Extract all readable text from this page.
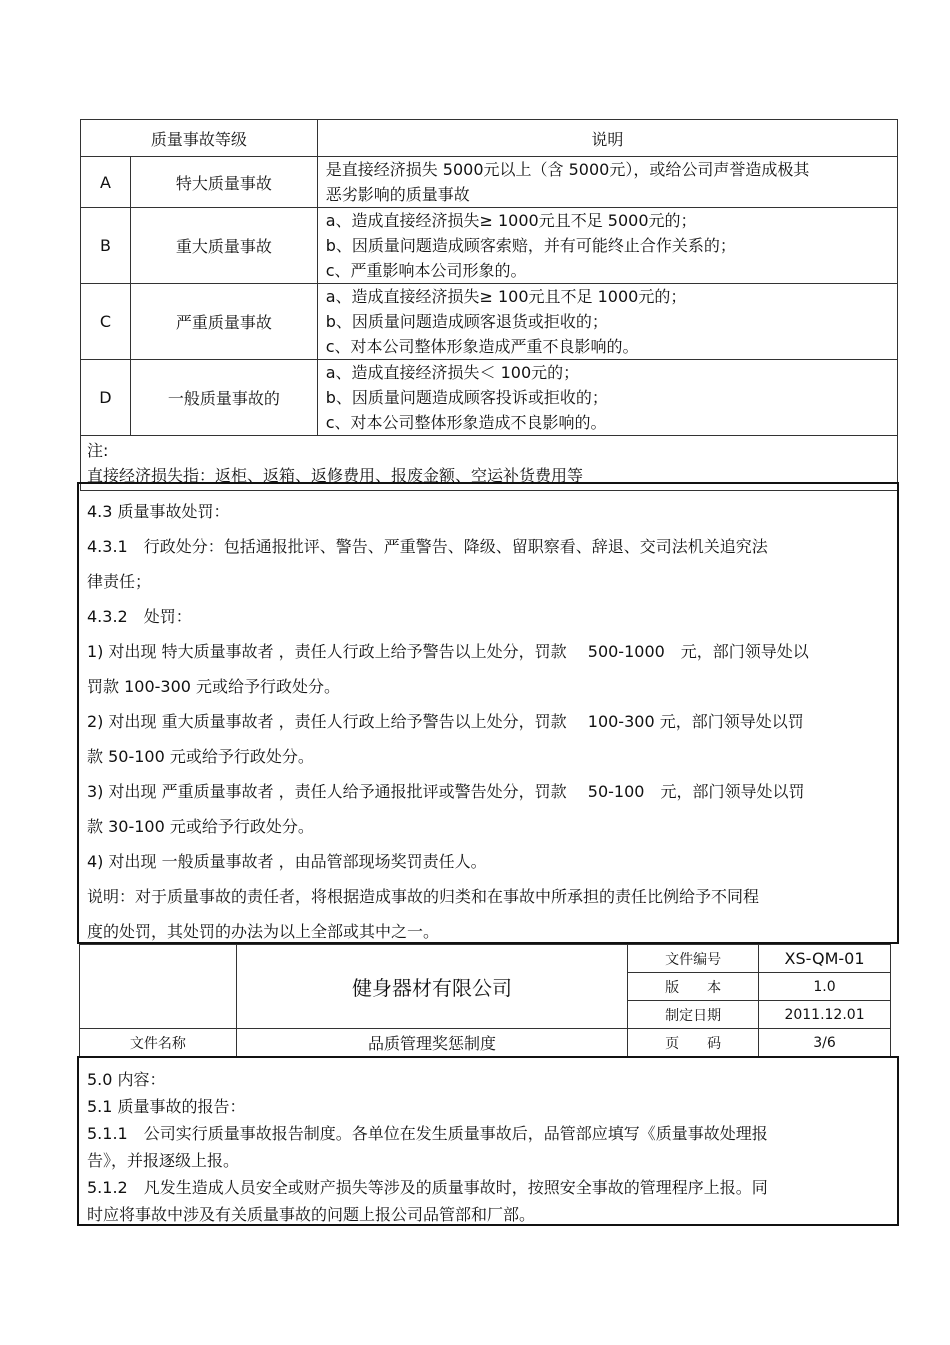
质量事故等级		说明
A	特大质量事故	是直接经济损失 5000元以上（含 5000元），或给公司声誉造成极其
恶劣影响的质量事故

B	重大质量事故	a、造成直接经济损失≥ 1000元且不足 5000元的；
b、因质量问题造成顾客索赔，并有可能终止合作关系的；
c、严重影响本公司形象的。

C	严重质量事故	a、造成直接经济损失≥ 100元且不足 1000元的；
b、因质量问题造成顾客退货或拒收的；
c、对本公司整体形象造成严重不良影响的。

D	一般质量事故的	a、造成直接经济损失＜ 100元的；
b、因质量问题造成顾客投诉或拒收的；
c、对本公司整体形象造成不良影响的。

注:
直接经济损失指：返柜、返箱、返修费用、报废金额、空运补货费用等		

4.3 质量事故处罚：

4.3.1　行政处分：包括通报批评、警告、严重警告、降级、留职察看、辞退、交司法机关追究法

律责任；

4.3.2　处罚：

1) 对出现 特大质量事故者 ，责任人行政上给予警告以上处分，罚款　 500-1000　元，部门领导处以

罚款 100-300 元或给予行政处分。

2) 对出现 重大质量事故者 ，责任人行政上给予警告以上处分，罚款　 100-300 元，部门领导处以罚

款 50-100 元或给予行政处分。

3) 对出现 严重质量事故者 ，责任人给予通报批评或警告处分，罚款　 50-100　元，部门领导处以罚

款 30-100 元或给予行政处分。

4) 对出现 一般质量事故者 ，由品管部现场奖罚责任人。

说明：对于质量事故的责任者，将根据造成事故的归类和在事故中所承担的责任比例给予不同程

度的处罚，其处罚的办法为以上全部或其中之一。

	健身器材有限公司	文件编号	XS-QM-01
		版　　本	1.0
		制定日期	2011.12.01
文件名称	品质管理奖惩制度	页　　码	3/6

5.0 内容：

5.1 质量事故的报告：

5.1.1　公司实行质量事故报告制度。各单位在发生质量事故后，品管部应填写《质量事故处理报

告》，并报逐级上报。

5.1.2　凡发生造成人员安全或财产损失等涉及的质量事故时，按照安全事故的管理程序上报。同

时应将事故中涉及有关质量事故的问题上报公司品管部和厂部。
